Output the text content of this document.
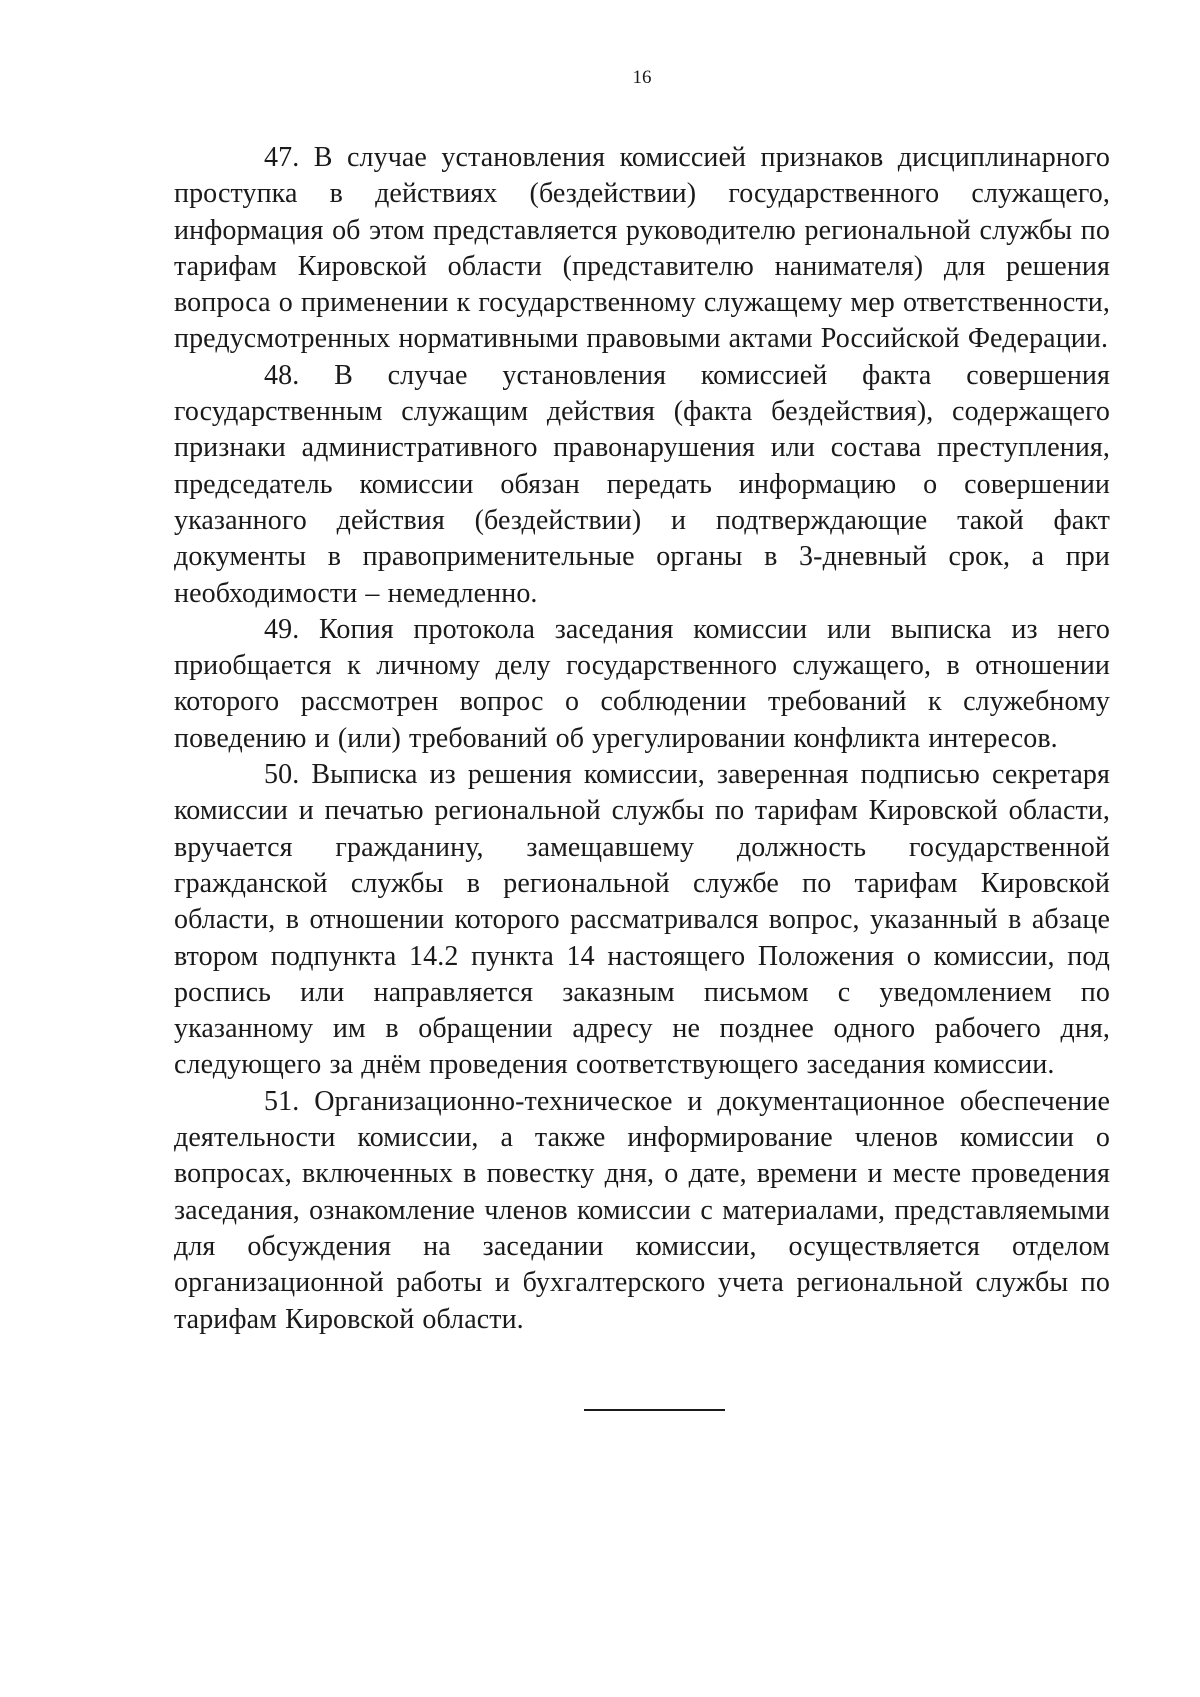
16

47. В случае установления комиссией признаков дисциплинарного проступка в действиях (бездействии) государственного служащего, информация об этом представляется руководителю региональной службы по тарифам Кировской области (представителю нанимателя) для решения вопроса о применении к государственному служащему мер ответственности, предусмотренных нормативными правовыми актами Российской Федерации.

48. В случае установления комиссией факта совершения государственным служащим действия (факта бездействия), содержащего признаки административного правонарушения или состава преступления, председатель комиссии обязан передать информацию о совершении указанного действия (бездействии) и подтверждающие такой факт документы в правоприменительные органы в 3-дневный срок, а при необходимости – немедленно.

49. Копия протокола заседания комиссии или выписка из него приобщается к личному делу государственного служащего, в отношении которого рассмотрен вопрос о соблюдении требований к служебному поведению и (или) требований об урегулировании конфликта интересов.

50. Выписка из решения комиссии, заверенная подписью секретаря комиссии и печатью региональной службы по тарифам Кировской области, вручается гражданину, замещавшему должность государственной гражданской службы в региональной службе по тарифам Кировской области, в отношении которого рассматривался вопрос, указанный в абзаце втором подпункта 14.2 пункта 14 настоящего Положения о комиссии, под роспись или направляется заказным письмом с уведомлением по указанному им в обращении адресу не позднее одного рабочего дня, следующего за днём проведения соответствующего заседания комиссии.

51. Организационно-техническое и документационное обеспечение деятельности комиссии, а также информирование членов комиссии о вопросах, включенных в повестку дня, о дате, времени и месте проведения заседания, ознакомление членов комиссии с материалами, представляемыми для обсуждения на заседании комиссии, осуществляется отделом организационной работы и бухгалтерского учета региональной службы по тарифам Кировской области.
